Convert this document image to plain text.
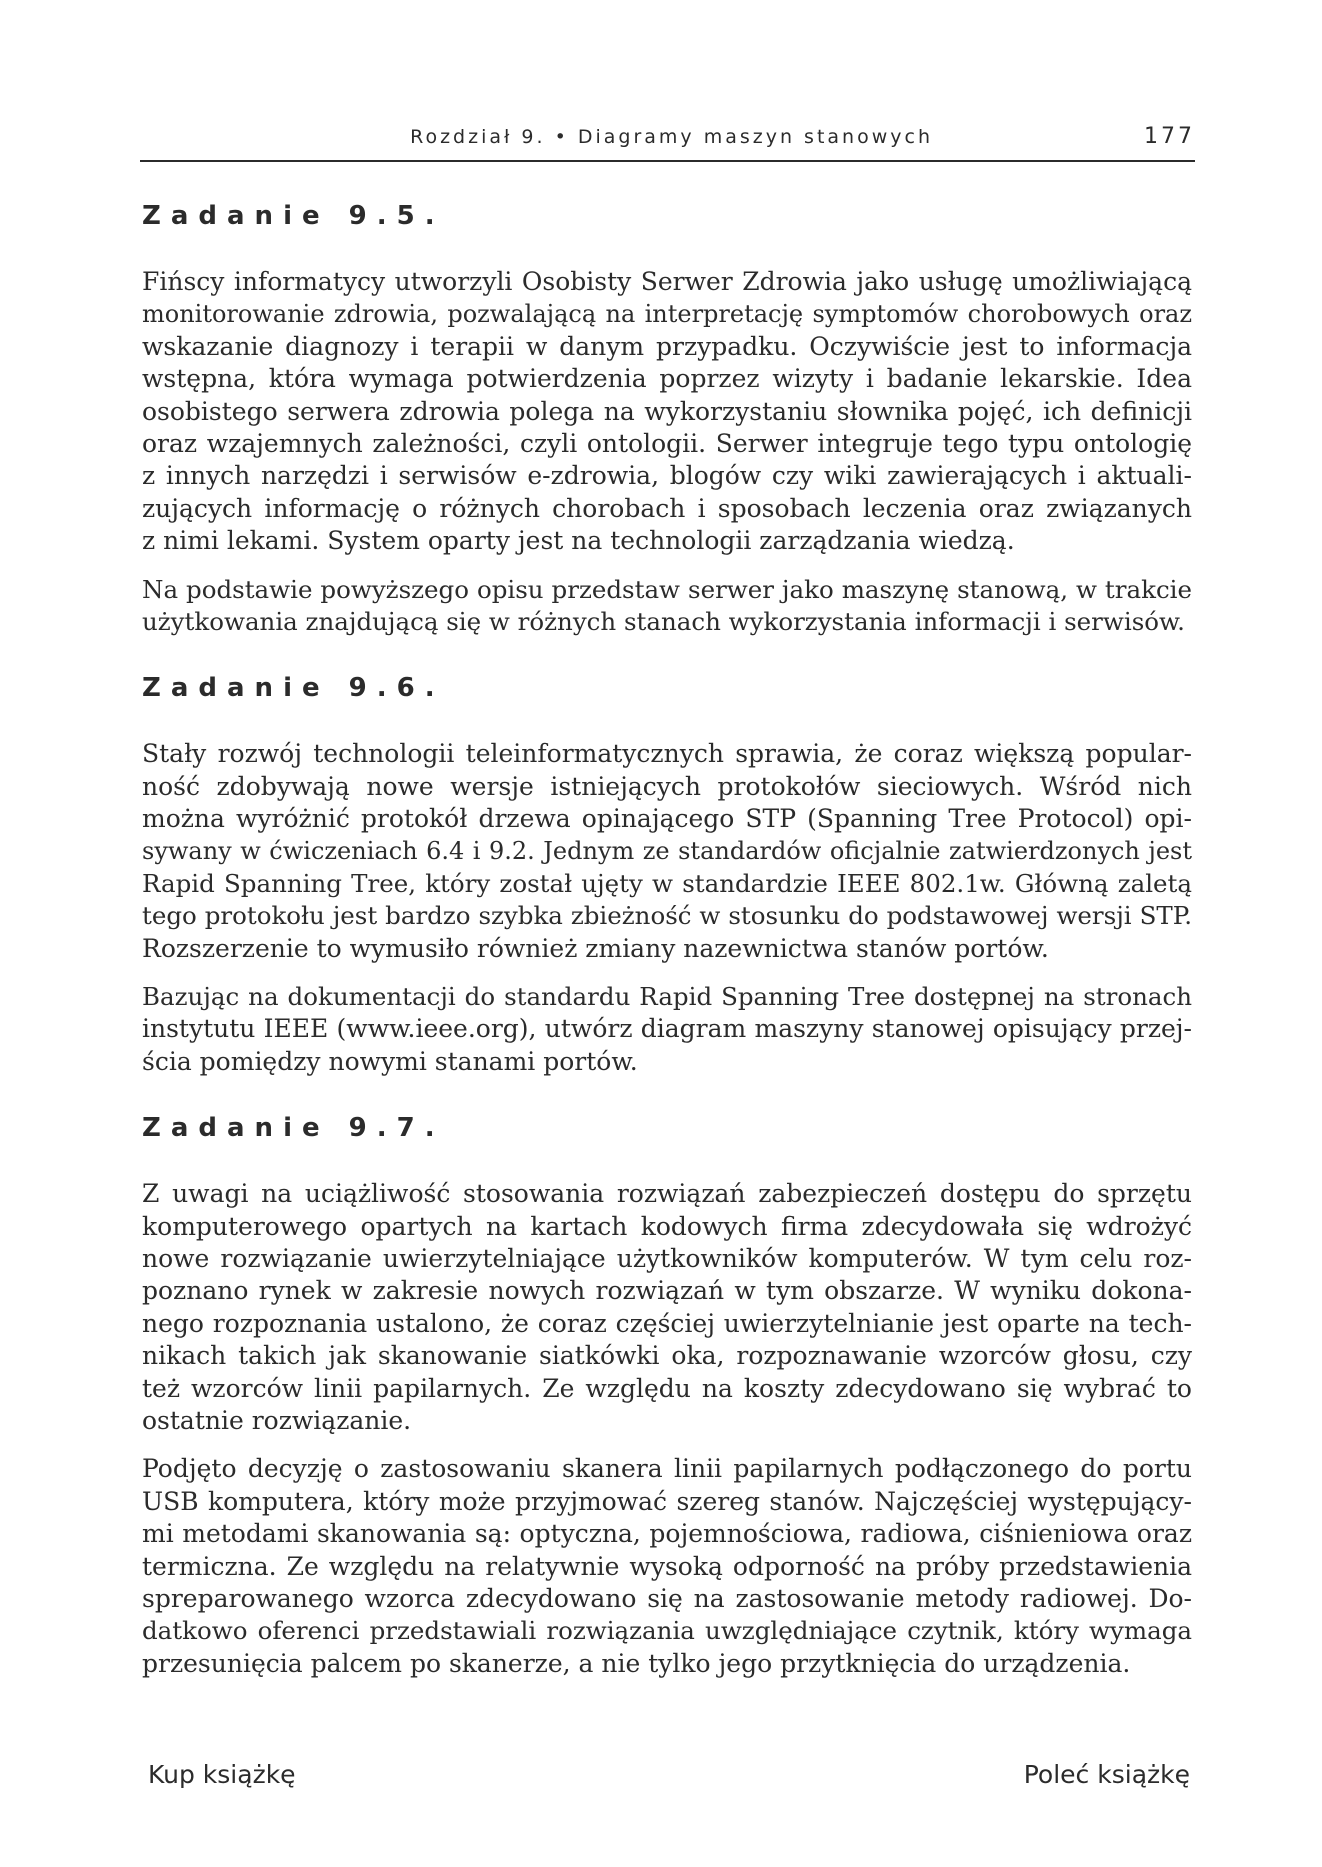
Rozdział 9. • Diagramy maszyn stanowych	177
Zadanie 9.5.
Fińscy informatycy utworzyli Osobisty Serwer Zdrowia jako usługę umożliwiającą
monitorowanie zdrowia, pozwalającą na interpretację symptomów chorobowych oraz
wskazanie diagnozy i terapii w danym przypadku. Oczywiście jest to informacja
wstępna, która wymaga potwierdzenia poprzez wizyty i badanie lekarskie. Idea
osobistego serwera zdrowia polega na wykorzystaniu słownika pojęć, ich definicji
oraz wzajemnych zależności, czyli ontologii. Serwer integruje tego typu ontologię
z innych narzędzi i serwisów e-zdrowia, blogów czy wiki zawierających i aktuali-
zujących informację o różnych chorobach i sposobach leczenia oraz związanych
z nimi lekami. System oparty jest na technologii zarządzania wiedzą.
Na podstawie powyższego opisu przedstaw serwer jako maszynę stanową, w trakcie
użytkowania znajdującą się w różnych stanach wykorzystania informacji i serwisów.
Zadanie 9.6.
Stały rozwój technologii teleinformatycznych sprawia, że coraz większą popular-
ność zdobywają nowe wersje istniejących protokołów sieciowych. Wśród nich
można wyróżnić protokół drzewa opinającego STP (Spanning Tree Protocol) opi-
sywany w ćwiczeniach 6.4 i 9.2. Jednym ze standardów oficjalnie zatwierdzonych jest
Rapid Spanning Tree, który został ujęty w standardzie IEEE 802.1w. Główną zaletą
tego protokołu jest bardzo szybka zbieżność w stosunku do podstawowej wersji STP.
Rozszerzenie to wymusiło również zmiany nazewnictwa stanów portów.
Bazując na dokumentacji do standardu Rapid Spanning Tree dostępnej na stronach
instytutu IEEE (www.ieee.org), utwórz diagram maszyny stanowej opisujący przej-
ścia pomiędzy nowymi stanami portów.
Zadanie 9.7.
Z uwagi na uciążliwość stosowania rozwiązań zabezpieczeń dostępu do sprzętu
komputerowego opartych na kartach kodowych firma zdecydowała się wdrożyć
nowe rozwiązanie uwierzytelniające użytkowników komputerów. W tym celu roz-
poznano rynek w zakresie nowych rozwiązań w tym obszarze. W wyniku dokona-
nego rozpoznania ustalono, że coraz częściej uwierzytelnianie jest oparte na tech-
nikach takich jak skanowanie siatkówki oka, rozpoznawanie wzorców głosu, czy
też wzorców linii papilarnych. Ze względu na koszty zdecydowano się wybrać to
ostatnie rozwiązanie.
Podjęto decyzję o zastosowaniu skanera linii papilarnych podłączonego do portu
USB komputera, który może przyjmować szereg stanów. Najczęściej występujący-
mi metodami skanowania są: optyczna, pojemnościowa, radiowa, ciśnieniowa oraz
termiczna. Ze względu na relatywnie wysoką odporność na próby przedstawienia
spreparowanego wzorca zdecydowano się na zastosowanie metody radiowej. Do-
datkowo oferenci przedstawiali rozwiązania uwzględniające czytnik, który wymaga
przesunięcia palcem po skanerze, a nie tylko jego przytknięcia do urządzenia.
Kup książkę	Poleć książkę
